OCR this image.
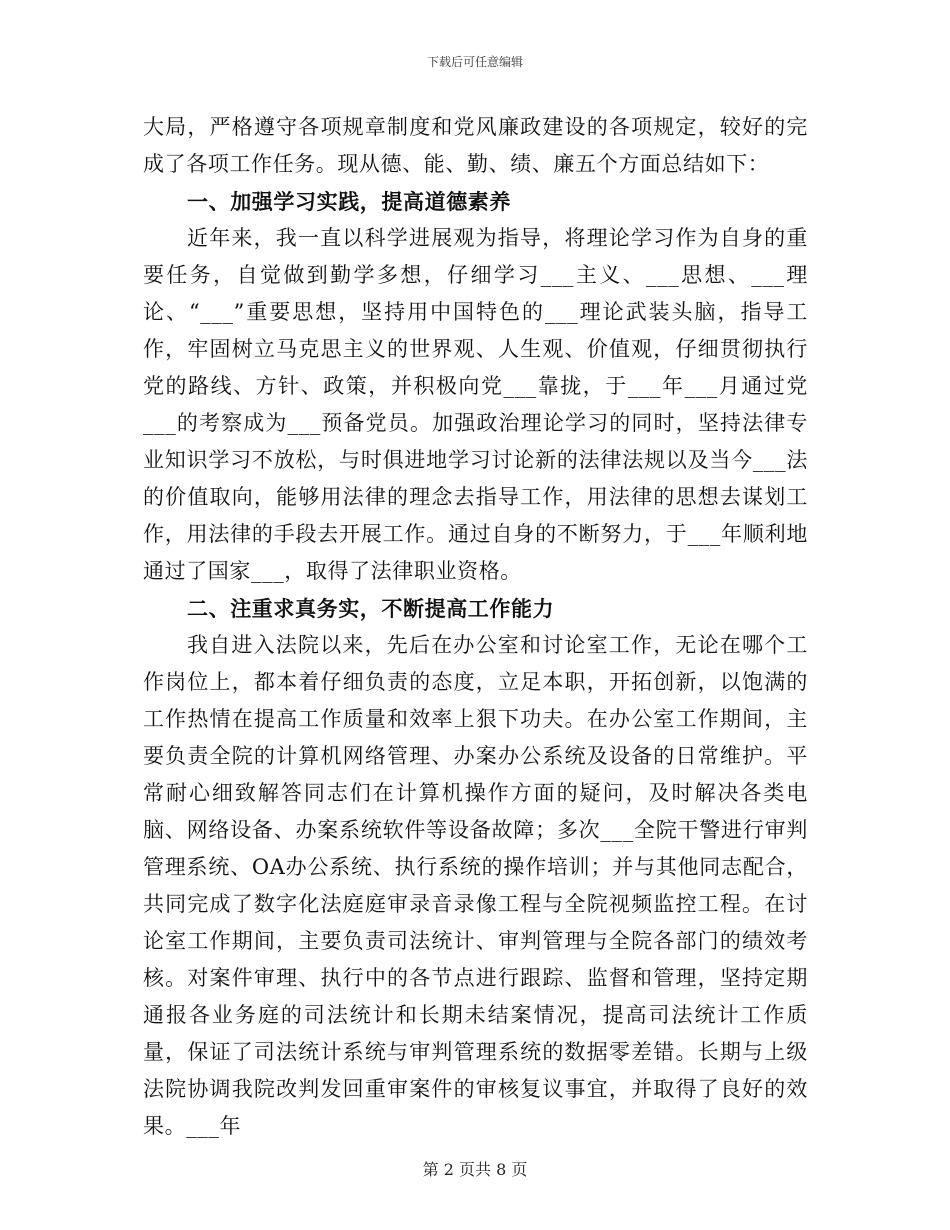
下载后可任意编辑

大局，严格遵守各项规章制度和党风廉政建设的各项规定，较好的完成了各项工作任务。现从德、能、勤、绩、廉五个方面总结如下：

一、加强学习实践，提高道德素养

近年来，我一直以科学进展观为指导，将理论学习作为自身的重要任务，自觉做到勤学多想，仔细学习___主义、___思想、___理论、“___”重要思想，坚持用中国特色的___理论武装头脑，指导工作，牢固树立马克思主义的世界观、人生观、价值观，仔细贯彻执行党的路线、方针、政策，并积极向党___靠拢，于___年___月通过党___的考察成为___预备党员。加强政治理论学习的同时，坚持法律专业知识学习不放松，与时俱进地学习讨论新的法律法规以及当今___法的价值取向，能够用法律的理念去指导工作，用法律的思想去谋划工作，用法律的手段去开展工作。通过自身的不断努力，于___年顺利地通过了国家___，取得了法律职业资格。

二、注重求真务实，不断提高工作能力

我自进入法院以来，先后在办公室和讨论室工作，无论在哪个工作岗位上，都本着仔细负责的态度，立足本职，开拓创新，以饱满的工作热情在提高工作质量和效率上狠下功夫。在办公室工作期间，主要负责全院的计算机网络管理、办案办公系统及设备的日常维护。平常耐心细致解答同志们在计算机操作方面的疑问，及时解决各类电脑、网络设备、办案系统软件等设备故障；多次___全院干警进行审判管理系统、OA办公系统、执行系统的操作培训；并与其他同志配合，共同完成了数字化法庭庭审录音录像工程与全院视频监控工程。在讨论室工作期间，主要负责司法统计、审判管理与全院各部门的绩效考核。对案件审理、执行中的各节点进行跟踪、监督和管理，坚持定期通报各业务庭的司法统计和长期未结案情况，提高司法统计工作质量，保证了司法统计系统与审判管理系统的数据零差错。长期与上级法院协调我院改判发回重审案件的审核复议事宜，并取得了良好的效果。___年

第 2 页共 8 页
